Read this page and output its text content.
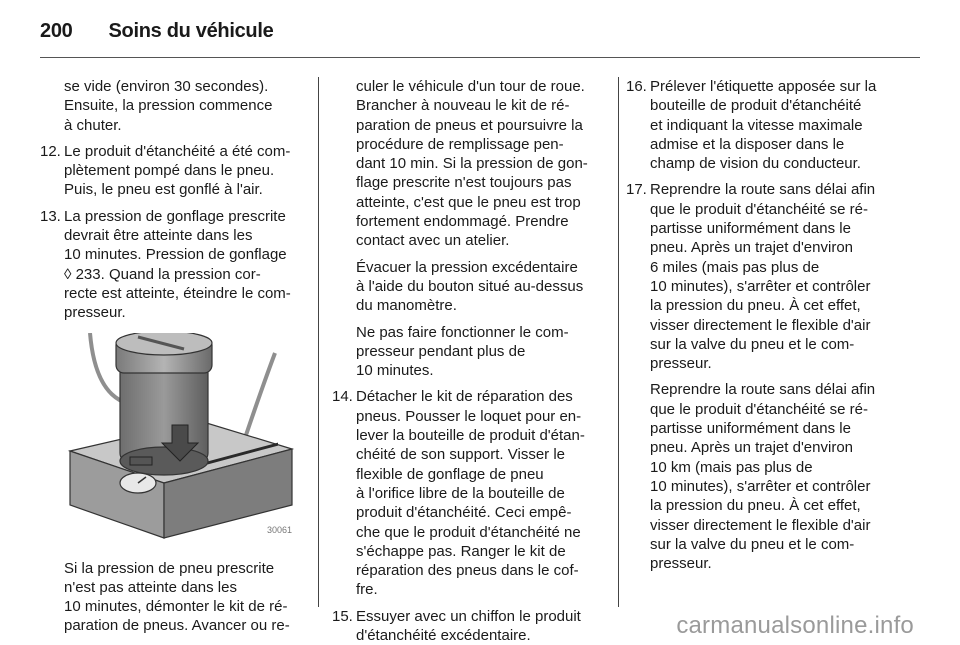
200 Soins du véhicule
se vide (environ 30 secondes).
Ensuite, la pression commence
à chuter.
12. Le produit d'étanchéité a été com-
plètement pompé dans le pneu.
Puis, le pneu est gonflé à l'air.
13. La pression de gonflage prescrite
devrait être atteinte dans les
10 minutes. Pression de gonflage
◊ 233. Quand la pression cor-
recte est atteinte, éteindre le com-
presseur.
30061
Si la pression de pneu prescrite
n'est pas atteinte dans les
10 minutes, démonter le kit de ré-
paration de pneus. Avancer ou re-
culer le véhicule d'un tour de roue.
Brancher à nouveau le kit de ré-
paration de pneus et poursuivre la
procédure de remplissage pen-
dant 10 min. Si la pression de gon-
flage prescrite n'est toujours pas
atteinte, c'est que le pneu est trop
fortement endommagé. Prendre
contact avec un atelier.
Évacuer la pression excédentaire
à l'aide du bouton situé au-dessus
du manomètre.
Ne pas faire fonctionner le com-
presseur pendant plus de
10 minutes.
14. Détacher le kit de réparation des
pneus. Pousser le loquet pour en-
lever la bouteille de produit d'étan-
chéité de son support. Visser le
flexible de gonflage de pneu
à l'orifice libre de la bouteille de
produit d'étanchéité. Ceci empê-
che que le produit d'étanchéité ne
s'échappe pas. Ranger le kit de
réparation des pneus dans le cof-
fre.
15. Essuyer avec un chiffon le produit
d'étanchéité excédentaire.
16. Prélever l'étiquette apposée sur la
bouteille de produit d'étanchéité
et indiquant la vitesse maximale
admise et la disposer dans le
champ de vision du conducteur.
17. Reprendre la route sans délai afin
que le produit d'étanchéité se ré-
partisse uniformément dans le
pneu. Après un trajet d'environ
6 miles (mais pas plus de
10 minutes), s'arrêter et contrôler
la pression du pneu. À cet effet,
visser directement le flexible d'air
sur la valve du pneu et le com-
presseur.
Reprendre la route sans délai afin
que le produit d'étanchéité se ré-
partisse uniformément dans le
pneu. Après un trajet d'environ
10 km (mais pas plus de
10 minutes), s'arrêter et contrôler
la pression du pneu. À cet effet,
visser directement le flexible d'air
sur la valve du pneu et le com-
presseur.
carmanualsonline.info
